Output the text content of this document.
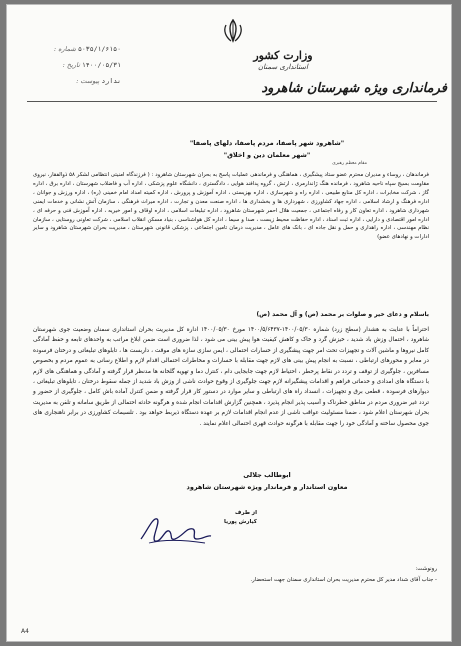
وزارت کشور
استانداری سمنان
فرمانداری ویژه شهرستان شاهرود
۵۰۳۵/۱/۶۱۵۰ شماره :
۱۴۰۰/۰۵/۳۱ تاریخ :
ندارد پیوست :
"شاهرود شهر پاصفا، مردم پاصفا، دلهای پاصفا"
"شهر معلمان دین و اخلاق"
مقام معظم رهبری
فرماندهان ، روساء و مدیران محترم عضو ستاد پیشگیری ، هماهنگی و فرماندهی عملیات پاسخ به بحران شهرستان شاهرود : ( فرزندگاه امنیتی انتظامی لشکر ۵۸ ذوالفقار، نیروی مقاومت بسیج سپاه ناحیه شاهرود ، فرمانده هنگ ژاندارمری ، ارتش ، گروه پدافند هوایی ، دادگستری ، دانشگاه علوم پزشکی ، اداره آب و فاضلاب شهرستان ، اداره برق ، اداره گاز ، شرکت مخابرات ، اداره کل منابع طبیعی ، اداره راه و شهرسازی ، اداره بهزیستی ، اداره آموزش و پرورش ، اداره کمیته امداد امام خمینی (ره) ، اداره ورزش و جوانان ، اداره فرهنگ و ارشاد اسلامی ، اداره جهاد کشاورزی ، شهرداری ها و بخشداری ها ، اداره صنعت معدن و تجارت ، اداره میراث فرهنگی ، سازمان آتش نشانی و خدمات ایمنی شهرداری شاهرود ، اداره تعاون کار و رفاه اجتماعی ، جمعیت هلال احمر شهرستان شاهرود ، اداره تبلیغات اسلامی ، اداره اوقاف و امور خیریه ، اداره آموزش فنی و حرفه ای ، اداره امور اقتصادی و دارایی ، اداره ثبت اسناد ، اداره حفاظت محیط زیست ، صدا و سیما ، اداره کل هواشناسی ، بنیاد مسکن انقلاب اسلامی ، شرکت تعاونی روستایی ، سازمان نظام مهندسی ، اداره راهداری و حمل و نقل جاده ای ، بانک های عامل ، مدیریت درمان تامین اجتماعی ، پزشکی قانونی شهرستان ، مدیریت بحران شهرستان شاهرود و سایر ادارات و نهادهای عضو)
باسلام و دعای خیر و صلوات بر محمد (ص) و آل محمد (ص)
احتراماً با عنایت به هشدار (سطح زرد) شماره ۱۴۰۰/۰۵/۳۰-۱۴۰۰/۵/۶۴۳۷ مورخ ۱۴۰۰/۰۵/۳۰ اداره کل مدیریت بحران استانداری سمنان وضعیت جوی شهرستان شاهرود ، احتمال وزش باد شدید ، خیزش گرد و خاک و کاهش کیفیت هوا پیش بینی می شود ، لذا ضروری است ضمن ابلاغ مراتب به واحدهای تابعه و حفظ آمادگی کامل نیروها و ماشین آلات و تجهیزات تحت امر جهت پیشگیری از خسارات احتمالی ، ایمن سازی سازه های موقت ، داربست ها ، تابلوهای تبلیغاتی و درختان فرسوده در معابر و محورهای ارتباطی ، نسبت به انجام پیش بینی های لازم جهت مقابله با خسارات و مخاطرات احتمالی اقدام لازم و اطلاع رسانی به عموم مردم و بخصوص مسافرین ، جلوگیری از توقف و تردد در نقاط پرخطر ، احتیاط لازم جهت جابجایی دام ، کنترل دما و تهویه گلخانه ها مدنظر قرار گرفته و آمادگی و هماهنگی های لازم با دستگاه های امدادی و خدماتی فراهم و اقدامات پیشگیرانه لازم جهت جلوگیری از وقوع حوادث ناشی از وزش باد شدید از جمله سقوط درختان ، تابلوهای تبلیغاتی ، دیوارهای فرسوده ، قطعی برق و تجهیزات ، انسداد راه های ارتباطی و سایر موارد در دستور کار قرار گرفته و ضمن کنترل آماده باش کامل ، جلوگیری از حضور و تردد غیر ضروری مردم در مناطق خطرناک و آسیب پذیر انجام پذیرد ، همچنین گزارش اقدامات انجام شده و هرگونه حادثه احتمالی از طریق سامانه و تلفن به مدیریت بحران شهرستان اعلام شود ، ضمنا مسئولیت عواقب ناشی از عدم انجام اقدامات لازم بر عهده دستگاه ذیربط خواهد بود . تلسیمات کشاورزی در برابر ناهنجاری های جوی محصول ساخته و آمادگی خود را جهت مقابله با هرگونه حوادث قهری احتمالی اعلام نمایند .
ابوطالب جلالی
معاون استاندار و فرماندار ویژه شهرستان شاهرود
از طرف
کیارش پوریا
رونوشت:
- جناب آقای شداد مدیر کل محترم مدیریت بحران استانداری سمنان جهت استحضار.
A4
